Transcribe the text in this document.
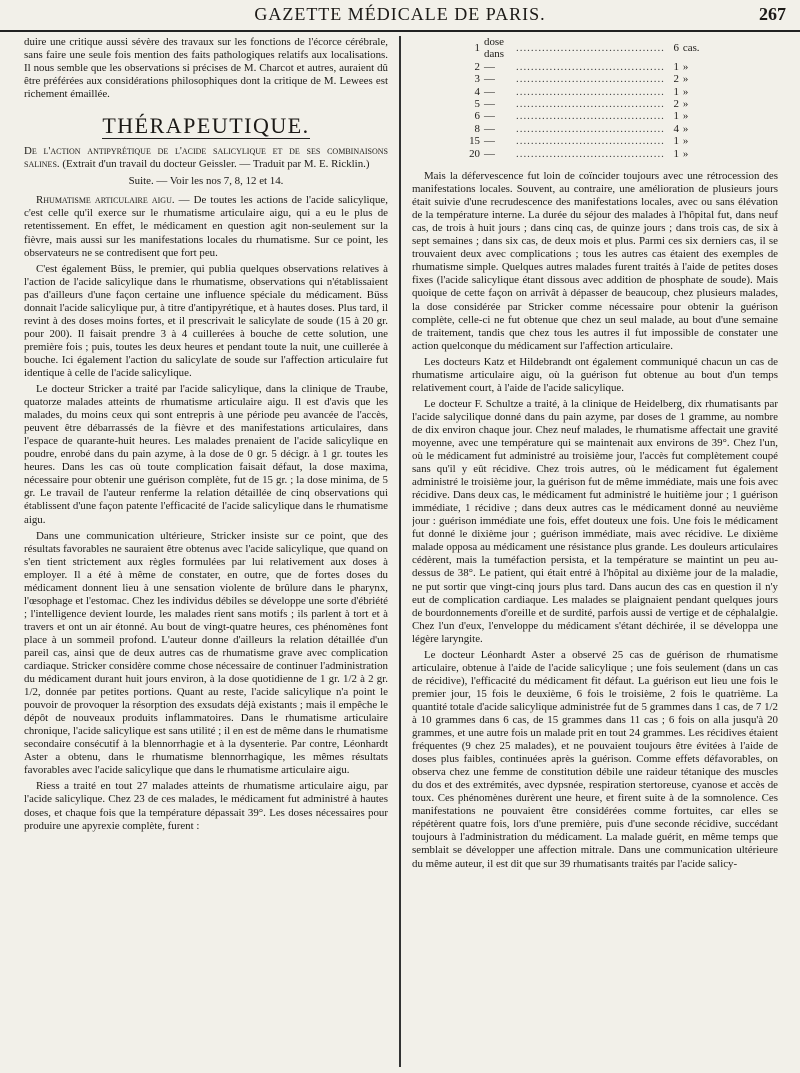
GAZETTE MÉDICALE DE PARIS.	267

duire une critique aussi sévère des travaux sur les fonctions de l'écorce cérébrale, sans faire une seule fois mention des faits pathologiques relatifs aux localisations. Il nous semble que les observations si précises de M. Charcot et autres, auraient dû être préférées aux considérations philosophiques dont la critique de M. Lewees est richement émaillée.

THÉRAPEUTIQUE.

De l'action antipyrétique de l'acide salicylique et de ses combinaisons salines. (Extrait d'un travail du docteur Geissler. — Traduit par M. E. Ricklin.)

Suite. — Voir les nos 7, 8, 12 et 14.

Rhumatisme articulaire aigu. — De toutes les actions de l'acide salicylique, c'est celle qu'il exerce sur le rhumatisme articulaire aigu, qui a eu le plus de retentissement. En effet, le médicament en question agit non-seulement sur la fièvre, mais aussi sur les manifestations locales du rhumatisme. Sur ce point, les observateurs ne se contredisent que fort peu.

C'est également Büss, le premier, qui publia quelques observations relatives à l'action de l'acide salicylique dans le rhumatisme, observations qui n'établissaient pas d'ailleurs d'une façon certaine une influence spéciale du médicament. Büss donnait l'acide salicylique pur, à titre d'antipyrétique, et à hautes doses. Plus tard, il revint à des doses moins fortes, et il prescrivait le salicylate de soude (15 à 20 gr. pour 200). Il faisait prendre 3 à 4 cuillerées à bouche de cette solution, une première fois ; puis, toutes les deux heures et pendant toute la nuit, une cuillerée à bouche. Ici également l'action du salicylate de soude sur l'affection articulaire fut identique à celle de l'acide salicylique.

Le docteur Stricker a traité par l'acide salicylique, dans la clinique de Traube, quatorze malades atteints de rhumatisme articulaire aigu. Il est d'avis que les malades, du moins ceux qui sont entrepris à une période peu avancée de l'accès, peuvent être débarrassés de la fièvre et des manifestations articulaires, dans l'espace de quarante-huit heures. Les malades prenaient de l'acide salicylique en poudre, enrobé dans du pain azyme, à la dose de 0 gr. 5 décigr. à 1 gr. toutes les heures. Dans les cas où toute complication faisait défaut, la dose maxima, nécessaire pour obtenir une guérison complète, fut de 15 gr. ; la dose minima, de 5 gr. Le travail de l'auteur renferme la relation détaillée de cinq observations qui établissent d'une façon patente l'efficacité de l'acide salicylique dans le rhumatisme aigu.

Dans une communication ultérieure, Stricker insiste sur ce point, que des résultats favorables ne sauraient être obtenus avec l'acide salicylique, que quand on s'en tient strictement aux règles formulées par lui relativement aux doses à employer. Il a été à même de constater, en outre, que de fortes doses du médicament donnent lieu à une sensation violente de brûlure dans le pharynx, l'œsophage et l'estomac. Chez les individus débiles se développe une sorte d'ébriété ; l'intelligence devient lourde, les malades rient sans motifs ; ils parlent à tort et à travers et ont un air étonné. Au bout de vingt-quatre heures, ces phénomènes font place à un sommeil profond. L'auteur donne d'ailleurs la relation détaillée d'un pareil cas, ainsi que de deux autres cas de rhumatisme grave avec complication cardiaque. Stricker considère comme chose nécessaire de continuer l'administration du médicament durant huit jours environ, à la dose quotidienne de 1 gr. 1/2 à 2 gr. 1/2, donnée par petites portions. Quant au reste, l'acide salicylique n'a point le pouvoir de provoquer la résorption des exsudats déjà existants ; mais il empêche le dépôt de nouveaux produits inflammatoires. Dans le rhumatisme articulaire chronique, l'acide salicylique est sans utilité ; il en est de même dans le rhumatisme secondaire consécutif à la blennorrhagie et à la dysenterie. Par contre, Léonhardt Aster a obtenu, dans le rhumatisme blennorrhagique, les mêmes résultats favorables avec l'acide salicylique que dans le rhumatisme articulaire aigu.

Riess a traité en tout 27 malades atteints de rhumatisme articulaire aigu, par l'acide salicylique. Chez 23 de ces malades, le médicament fut administré à hautes doses, et chaque fois que la température dépassait 39°. Les doses nécessaires pour produire une apyrexie complète, furent :

1	dose dans	........................................	6	cas.
2	—	........................................	1	»
3	—	........................................	2	»
4	—	........................................	1	»
5	—	........................................	2	»
6	—	........................................	1	»
8	—	........................................	4	»
15	—	........................................	1	»
20	—	........................................	1	»

Mais la défervescence fut loin de coïncider toujours avec une rétrocession des manifestations locales. Souvent, au contraire, une amélioration de plusieurs jours était suivie d'une recrudescence des manifestations locales, avec ou sans élévation de la température interne. La durée du séjour des malades à l'hôpital fut, dans neuf cas, de trois à huit jours ; dans cinq cas, de quinze jours ; dans trois cas, de six à sept semaines ; dans six cas, de deux mois et plus. Parmi ces six derniers cas, il se trouvaient deux avec complications ; tous les autres cas étaient des exemples de rhumatisme simple. Quelques autres malades furent traités à l'aide de petites doses fixes (l'acide salicylique étant dissous avec addition de phosphate de soude). Mais quoique de cette façon on arrivât à dépasser de beaucoup, chez plusieurs malades, la dose considérée par Stricker comme nécessaire pour obtenir la guérison complète, celle-ci ne fut obtenue que chez un seul malade, au bout d'une semaine de traitement, tandis que chez tous les autres il fut impossible de constater une action quelconque du médicament sur l'affection articulaire.

Les docteurs Katz et Hildebrandt ont également communiqué chacun un cas de rhumatisme articulaire aigu, où la guérison fut obtenue au bout d'un temps relativement court, à l'aide de l'acide salicylique.

Le docteur F. Schultze a traité, à la clinique de Heidelberg, dix rhumatisants par l'acide salycilique donné dans du pain azyme, par doses de 1 gramme, au nombre de dix environ chaque jour. Chez neuf malades, le rhumatisme affectait une gravité moyenne, avec une température qui se maintenait aux environs de 39°. Chez l'un, où le médicament fut administré au troisième jour, l'accès fut complètement coupé sans qu'il y eût récidive. Chez trois autres, où le médicament fut également administré le troisième jour, la guérison fut de même immédiate, mais une fois avec récidive. Dans deux cas, le médicament fut administré le huitième jour ; 1 guérison immédiate, 1 récidive ; dans deux autres cas le médicament donné au neuvième jour : guérison immédiate une fois, effet douteux une fois. Une fois le médicament fut donné le dixième jour ; guérison immédiate, mais avec récidive. Le dixième malade opposa au médicament une résistance plus grande. Les douleurs articulaires cédèrent, mais la tuméfaction persista, et la température se maintint un peu au-dessus de 38°. Le patient, qui était entré à l'hôpital au dixième jour de la maladie, ne put sortir que vingt-cinq jours plus tard. Dans aucun des cas en question il n'y eut de complication cardiaque. Les malades se plaignaient pendant quelques jours de bourdonnements d'oreille et de surdité, parfois aussi de vertige et de céphalalgie. Chez l'un d'eux, l'enveloppe du médicament s'étant déchirée, il se développa une légère laryngite.

Le docteur Léonhardt Aster a observé 25 cas de guérison de rhumatisme articulaire, obtenue à l'aide de l'acide salicylique ; une fois seulement (dans un cas de récidive), l'efficacité du médicament fit défaut. La guérison eut lieu une fois le premier jour, 15 fois le deuxième, 6 fois le troisième, 2 fois le quatrième. La quantité totale d'acide salicylique administrée fut de 5 grammes dans 1 cas, de 7 1/2 à 10 grammes dans 6 cas, de 15 grammes dans 11 cas ; 6 fois on alla jusqu'à 20 grammes, et une autre fois un malade prit en tout 24 grammes. Les récidives étaient fréquentes (9 chez 25 malades), et ne pouvaient toujours être évitées à l'aide de doses plus faibles, continuées après la guérison. Comme effets défavorables, on observa chez une femme de constitution débile une raideur tétanique des muscles du dos et des extrémités, avec dypsnée, respiration stertoreuse, cyanose et accès de toux. Ces phénomènes durèrent une heure, et firent suite à de la somnolence. Ces manifestations ne pouvaient être considérées comme fortuites, car elles se répétèrent quatre fois, lors d'une première, puis d'une seconde récidive, succédant toujours à l'administration du médicament. La malade guérit, en même temps que semblait se développer une affection mitrale. Dans une communication ultérieure du même auteur, il est dit que sur 39 rhumatisants traités par l'acide salicy-
